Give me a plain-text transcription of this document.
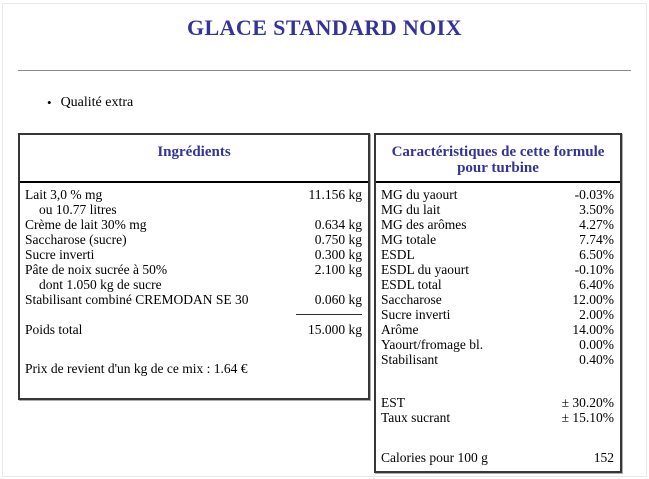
GLACE STANDARD NOIX
• Qualité extra
Ingrédients
Lait 3,0 % mg	11.156 kg
ou 10.77 litres
Crème de lait 30% mg	0.634 kg
Saccharose (sucre)	0.750 kg
Sucre inverti	0.300 kg
Pâte de noix sucrée à 50%	2.100 kg
dont 1.050 kg de sucre
Stabilisant combiné CREMODAN SE 30	0.060 kg
Poids total	15.000 kg
Prix de revient d'un kg de ce mix : 1.64 €
Caractéristiques de cette formule
pour turbine
MG du yaourt	-0.03%
MG du lait	3.50%
MG des arômes	4.27%
MG totale	7.74%
ESDL	6.50%
ESDL du yaourt	-0.10%
ESDL total	6.40%
Saccharose	12.00%
Sucre inverti	2.00%
Arôme	14.00%
Yaourt/fromage bl.	0.00%
Stabilisant	0.40%
EST	± 30.20%
Taux sucrant	± 15.10%
Calories pour 100 g	152
